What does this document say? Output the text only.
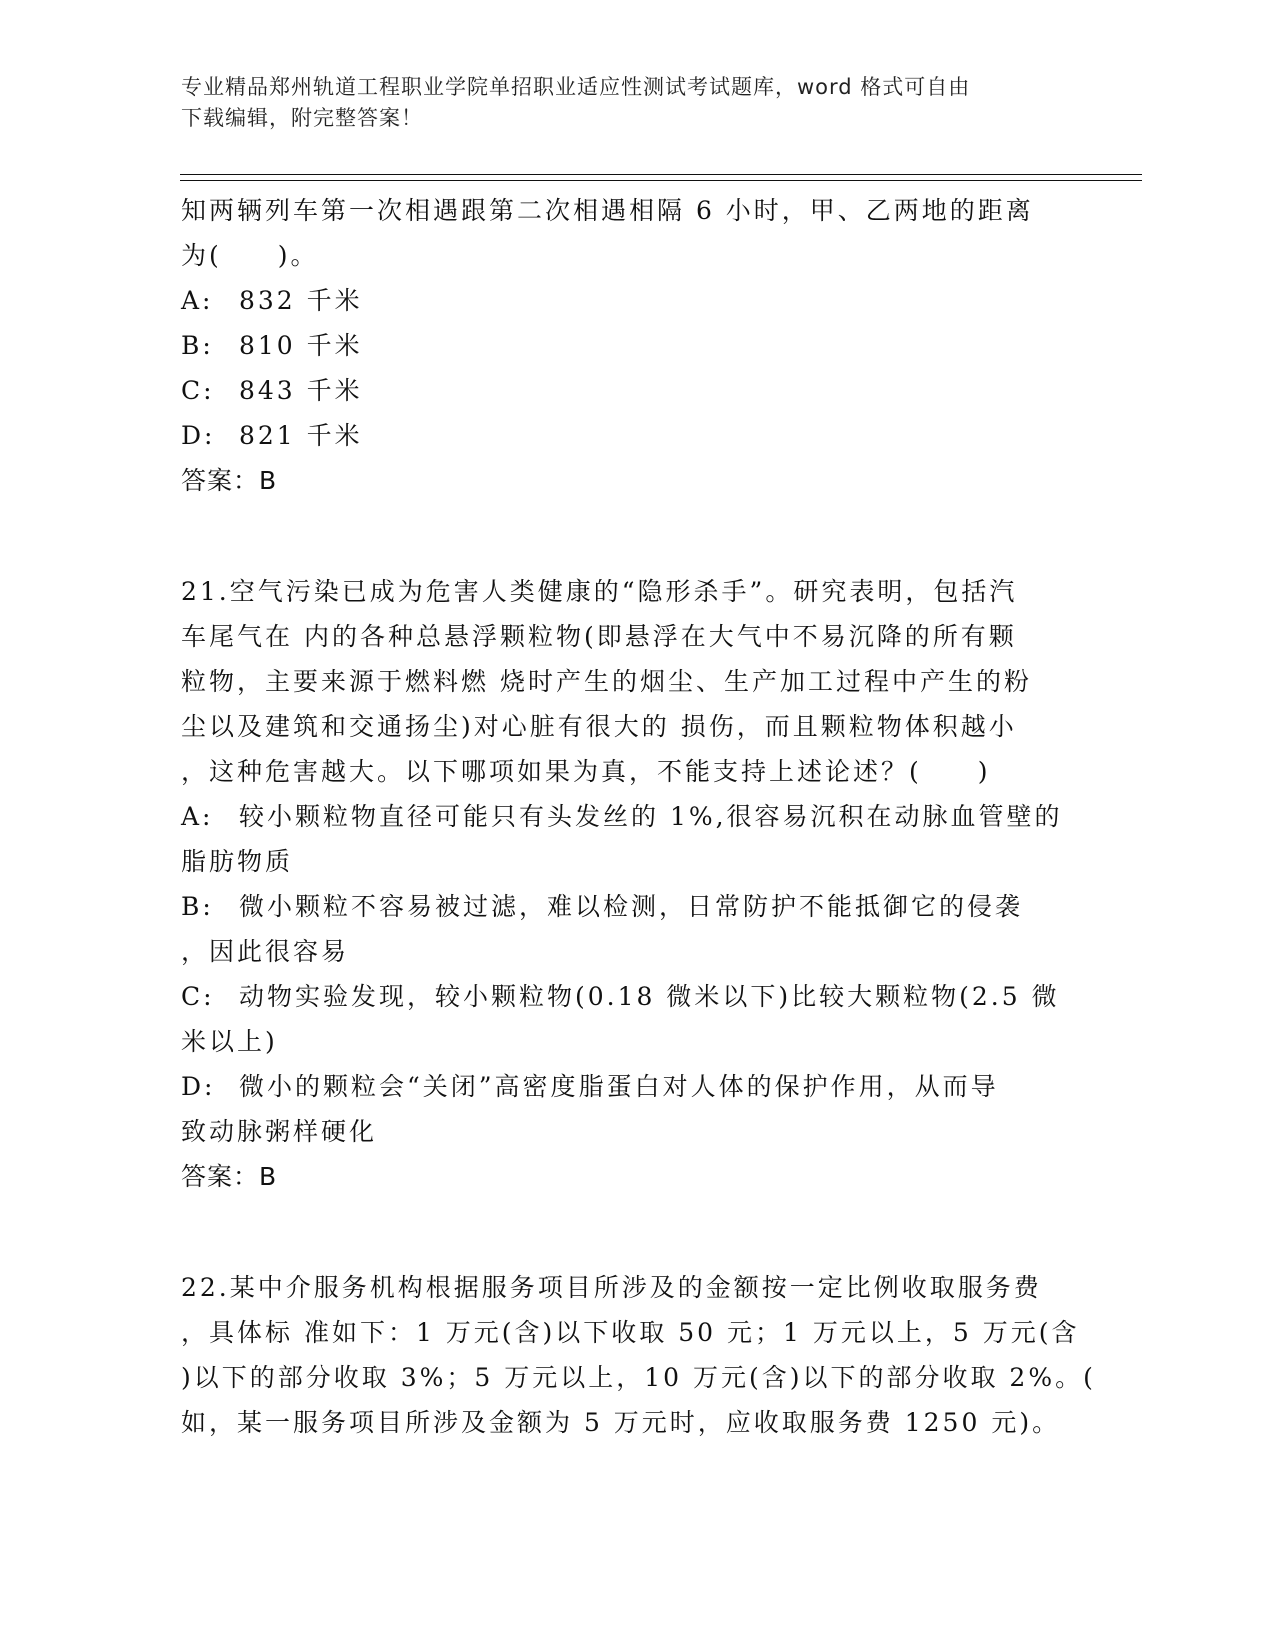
专业精品郑州轨道工程职业学院单招职业适应性测试考试题库，word 格式可自由
下载编辑，附完整答案！
知两辆列车第一次相遇跟第二次相遇相隔 6 小时，甲、乙两地的距离
为(　　)。
A: 832 千米
B: 810 千米
C: 843 千米
D: 821 千米
答案：B
21.空气污染已成为危害人类健康的“隐形杀手”。研究表明，包括汽
车尾气在 内的各种总悬浮颗粒物(即悬浮在大气中不易沉降的所有颗
粒物，主要来源于燃料燃 烧时产生的烟尘、生产加工过程中产生的粉
尘以及建筑和交通扬尘)对心脏有很大的 损伤，而且颗粒物体积越小
，这种危害越大。以下哪项如果为真，不能支持上述论述？(　　)
A: 较小颗粒物直径可能只有头发丝的 1%,很容易沉积在动脉血管壁的
脂肪物质
B: 微小颗粒不容易被过滤，难以检测，日常防护不能抵御它的侵袭
，因此很容易
C: 动物实验发现，较小颗粒物(0.18 微米以下)比较大颗粒物(2.5 微
米以上)
D: 微小的颗粒会“关闭”高密度脂蛋白对人体的保护作用，从而导
致动脉粥样硬化
答案：B
22.某中介服务机构根据服务项目所涉及的金额按一定比例收取服务费
，具体标 准如下：1 万元(含)以下收取 50 元；1 万元以上，5 万元(含
)以下的部分收取 3%；5 万元以上，10 万元(含)以下的部分收取 2%。(
如，某一服务项目所涉及金额为 5 万元时，应收取服务费 1250 元)。
